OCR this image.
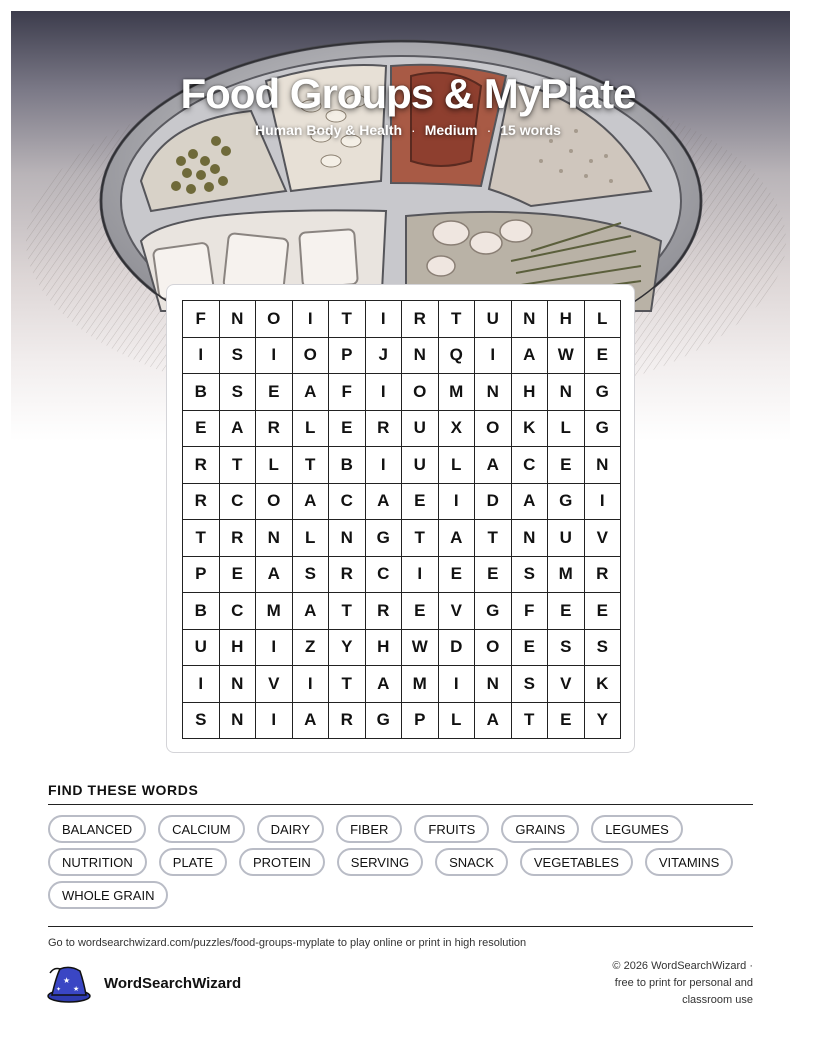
Food Groups & MyPlate
Human Body & Health · Medium · 15 words
F	N	O	I	T	I	R	T	U	N	H	L
I	S	I	O	P	J	N	Q	I	A	W	E
B	S	E	A	F	I	O	M	N	H	N	G
E	A	R	L	E	R	U	X	O	K	L	G
R	T	L	T	B	I	U	L	A	C	E	N
R	C	O	A	C	A	E	I	D	A	G	I
T	R	N	L	N	G	T	A	T	N	U	V
P	E	A	S	R	C	I	E	E	S	M	R
B	C	M	A	T	R	E	V	G	F	E	E
U	H	I	Z	Y	H	W	D	O	E	S	S
I	N	V	I	T	A	M	I	N	S	V	K
S	N	I	A	R	G	P	L	A	T	E	Y
FIND THESE WORDS
BALANCED	CALCIUM	DAIRY	FIBER	FRUITS	GRAINS	LEGUMES
NUTRITION	PLATE	PROTEIN	SERVING	SNACK	VEGETABLES	VITAMINS
WHOLE GRAIN
Go to wordsearchwizard.com/puzzles/food-groups-myplate to play online or print in high resolution
★
★
✦	WordSearchWizard
© 2026 WordSearchWizard ·
free to print for personal and
classroom use
